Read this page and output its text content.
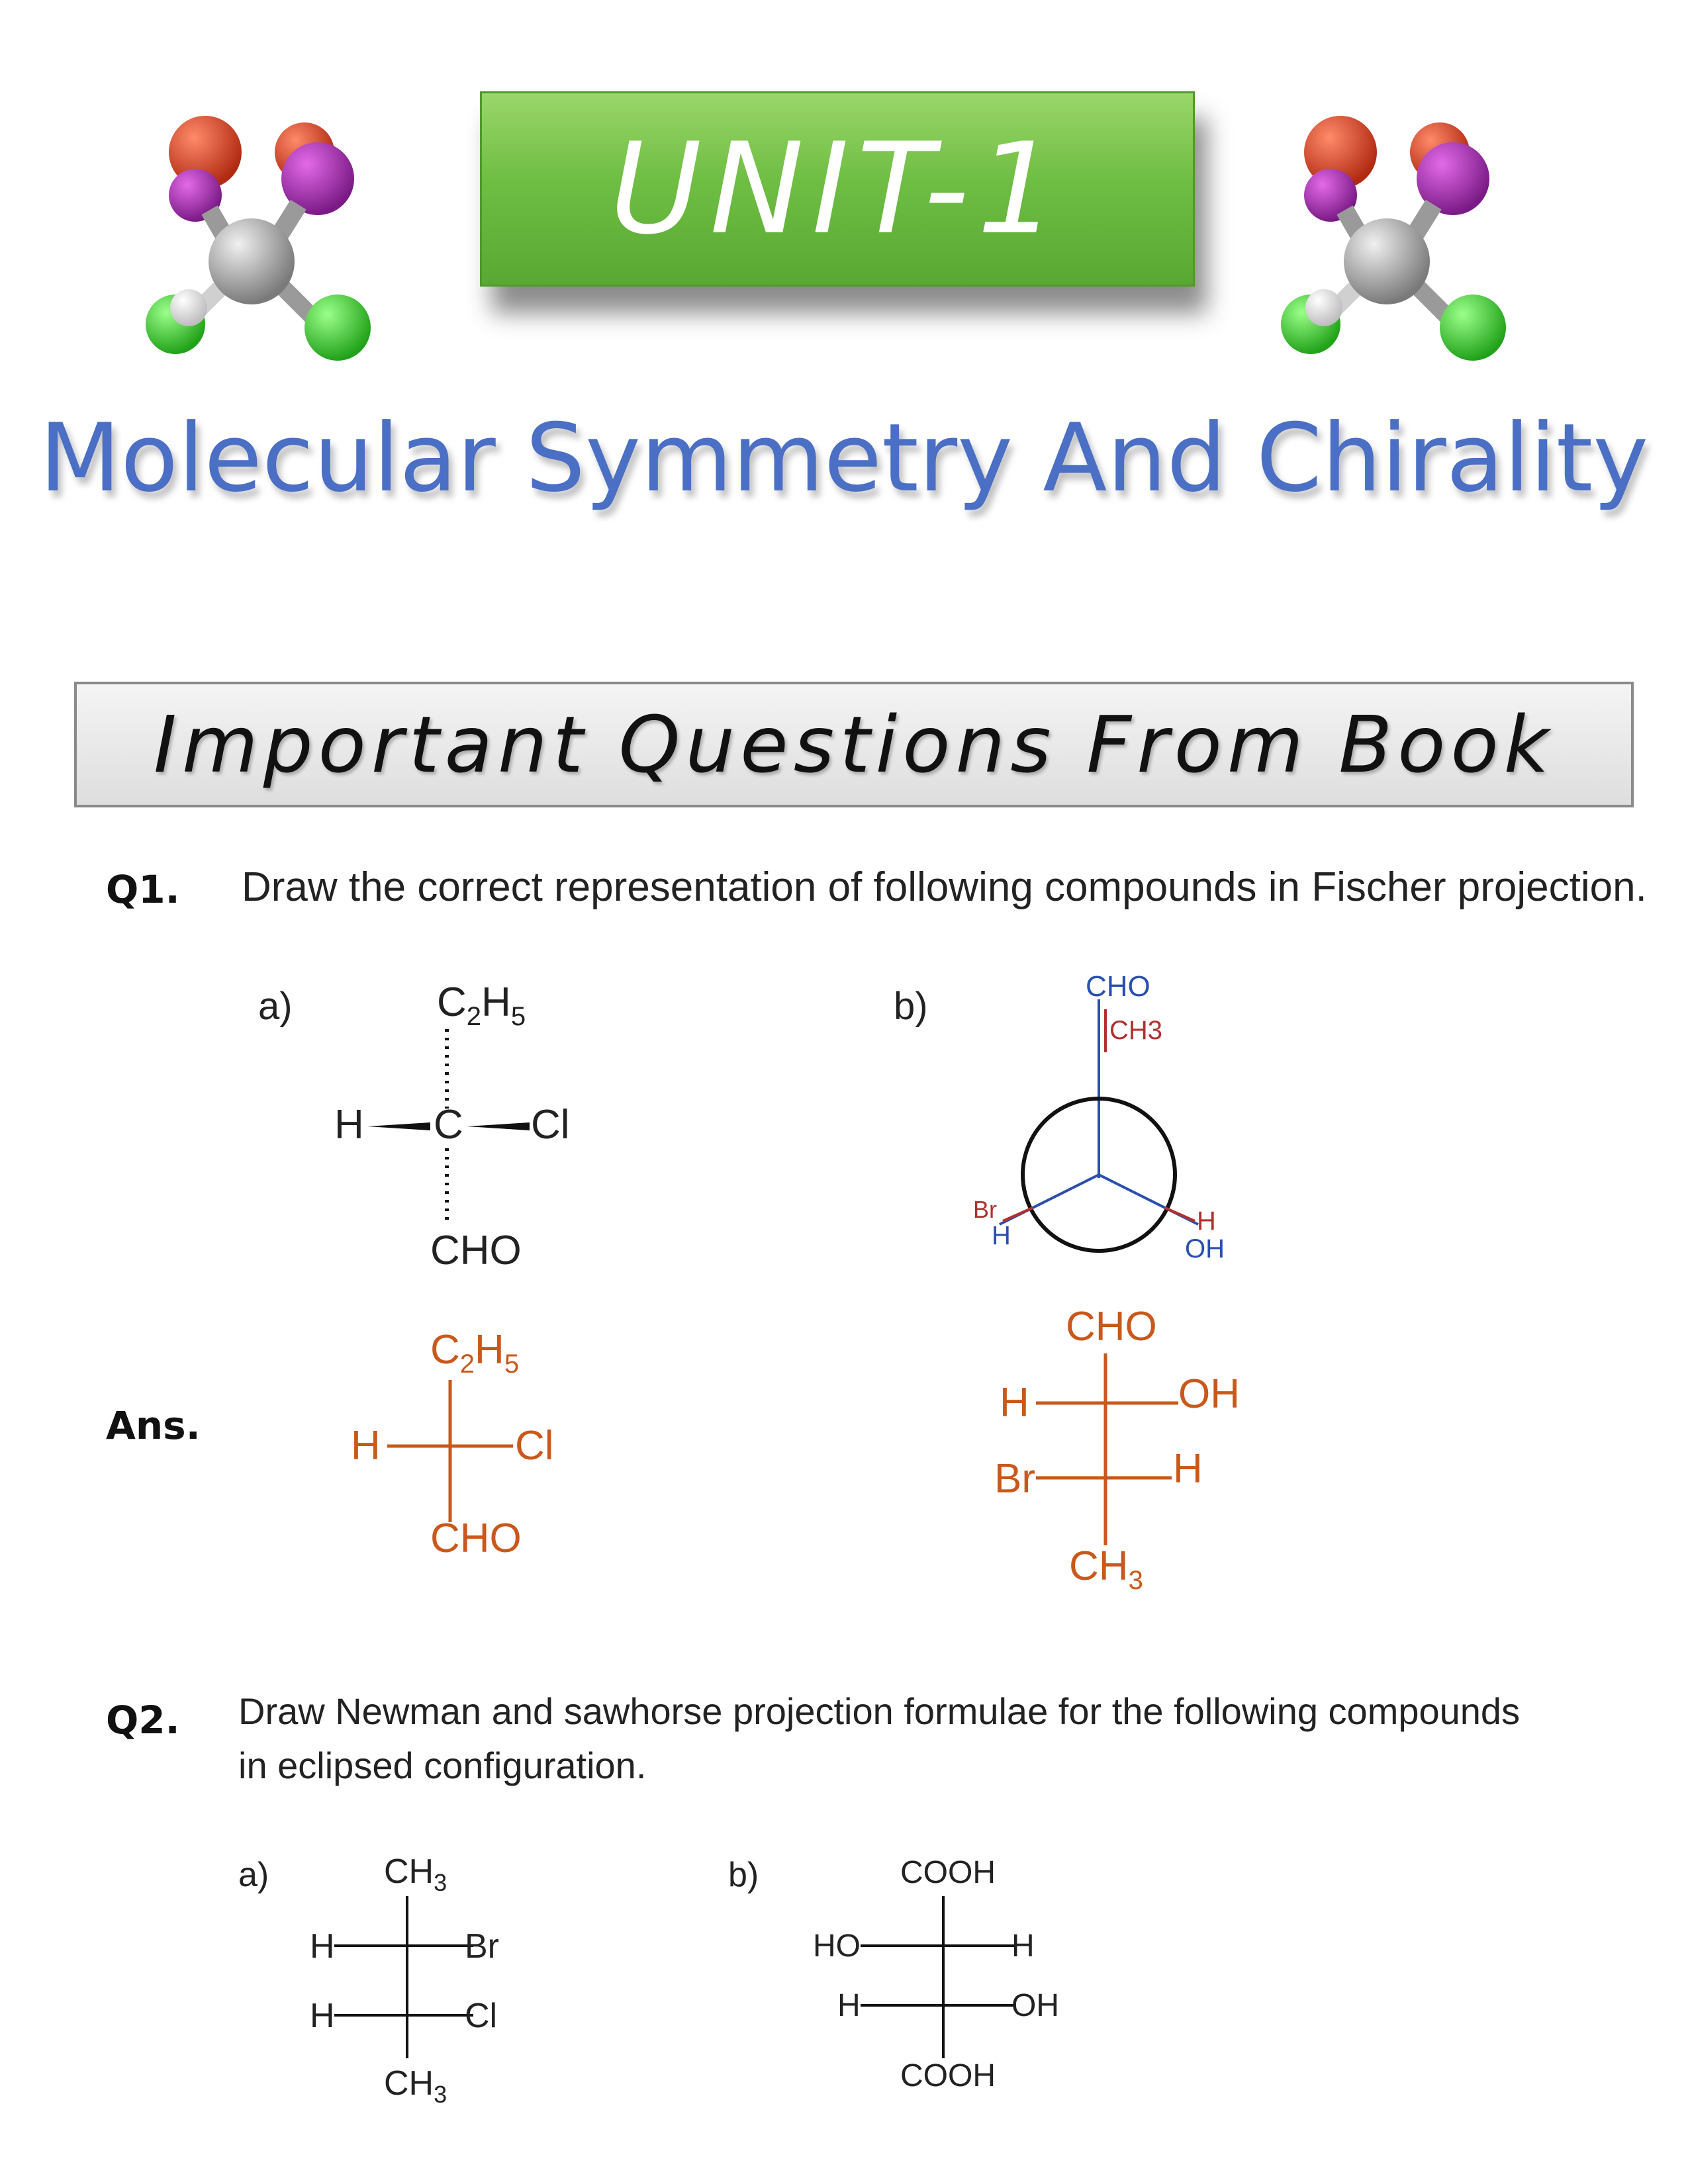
UNIT-1
Molecular Symmetry And Chirality
Important Questions From Book
Q1. Draw the correct representation of following compounds in Fischer projection.
a)	$C_2H_5$
H C Cl
CHO
b)	CHO
CH3
Br
H	H
OH
Ans.
$C_2H_5$
H	Cl
CHO
CHO
H	OH
Br	H
$CH_3$
Q2. Draw Newman and sawhorse projection formulae for the following compounds
in eclipsed configuration.
a)	$CH_3$
H	Br
H	Cl
$CH_3$
b)	COOH
HO	H
H	OH
COOH
